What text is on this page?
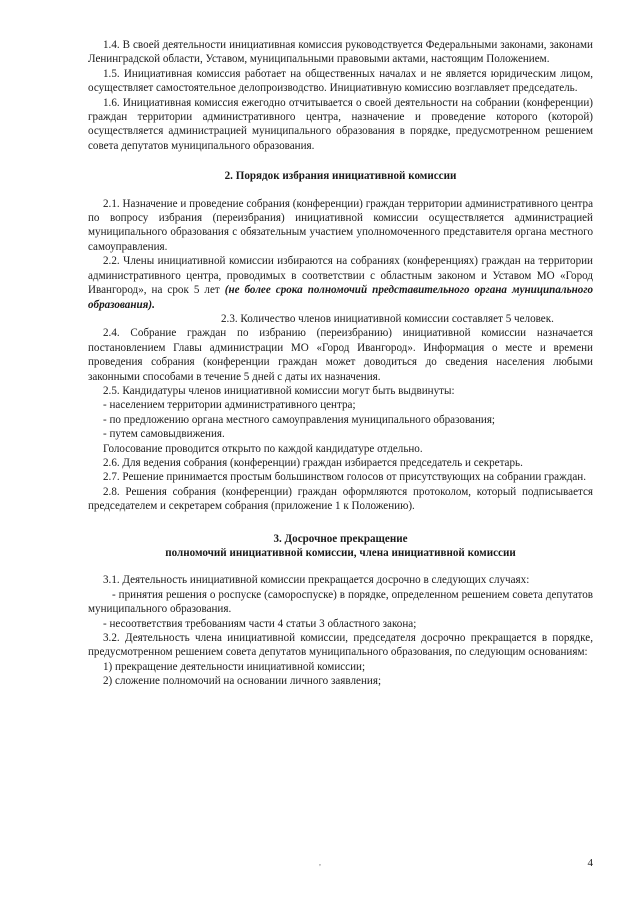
1.4. В своей деятельности инициативная комиссия руководствуется Федеральными законами, законами Ленинградской области, Уставом, муниципальными правовыми актами, настоящим Положением.

1.5. Инициативная комиссия работает на общественных началах и не является юридическим лицом, осуществляет самостоятельное делопроизводство. Инициативную комиссию возглавляет председатель.

1.6. Инициативная комиссия ежегодно отчитывается о своей деятельности на собрании (конференции) граждан территории административного центра, назначение и проведение которого (которой) осуществляется администрацией муниципального образования в порядке, предусмотренном решением совета депутатов муниципального образования.

2. Порядок избрания инициативной комиссии

2.1. Назначение и проведение собрания (конференции) граждан территории административного центра по вопросу избрания (переизбрания) инициативной комиссии осуществляется администрацией муниципального образования с обязательным участием уполномоченного представителя органа местного самоуправления.

2.2. Члены инициативной комиссии избираются на собраниях (конференциях) граждан на территории административного центра, проводимых в соответствии с областным законом и Уставом МО «Город Ивангород», на срок 5 лет (не более срока полномочий представительного органа муниципального образования).

2.3. Количество членов инициативной комиссии составляет 5 человек.

2.4. Собрание граждан по избранию (переизбранию) инициативной комиссии назначается постановлением Главы администрации МО «Город Ивангород». Информация о месте и времени проведения собрания (конференции граждан может доводиться до сведения населения любыми законными способами в течение 5 дней с даты их назначения.

2.5. Кандидатуры членов инициативной комиссии могут быть выдвинуты:

- населением территории административного центра;

- по предложению органа местного самоуправления муниципального образования;

- путем самовыдвижения.

Голосование проводится открыто по каждой кандидатуре отдельно.

2.6. Для ведения собрания (конференции) граждан избирается председатель и секретарь.

2.7. Решение принимается простым большинством голосов от присутствующих на собрании граждан.

2.8. Решения собрания (конференции) граждан оформляются протоколом, который подписывается председателем и секретарем собрания (приложение 1 к Положению).

3. Досрочное прекращение

полномочий инициативной комиссии, члена инициативной комиссии

3.1. Деятельность инициативной комиссии прекращается досрочно в следующих случаях:

- принятия решения о роспуске (самороспуске) в порядке, определенном решением совета депутатов муниципального образования.

- несоответствия требованиям части 4 статьи 3 областного закона;

3.2. Деятельность члена инициативной комиссии, председателя досрочно прекращается в порядке, предусмотренном решением совета депутатов муниципального образования, по следующим основаниям:

1) прекращение деятельности инициативной комиссии;

2) сложение полномочий на основании личного заявления;

,	4
